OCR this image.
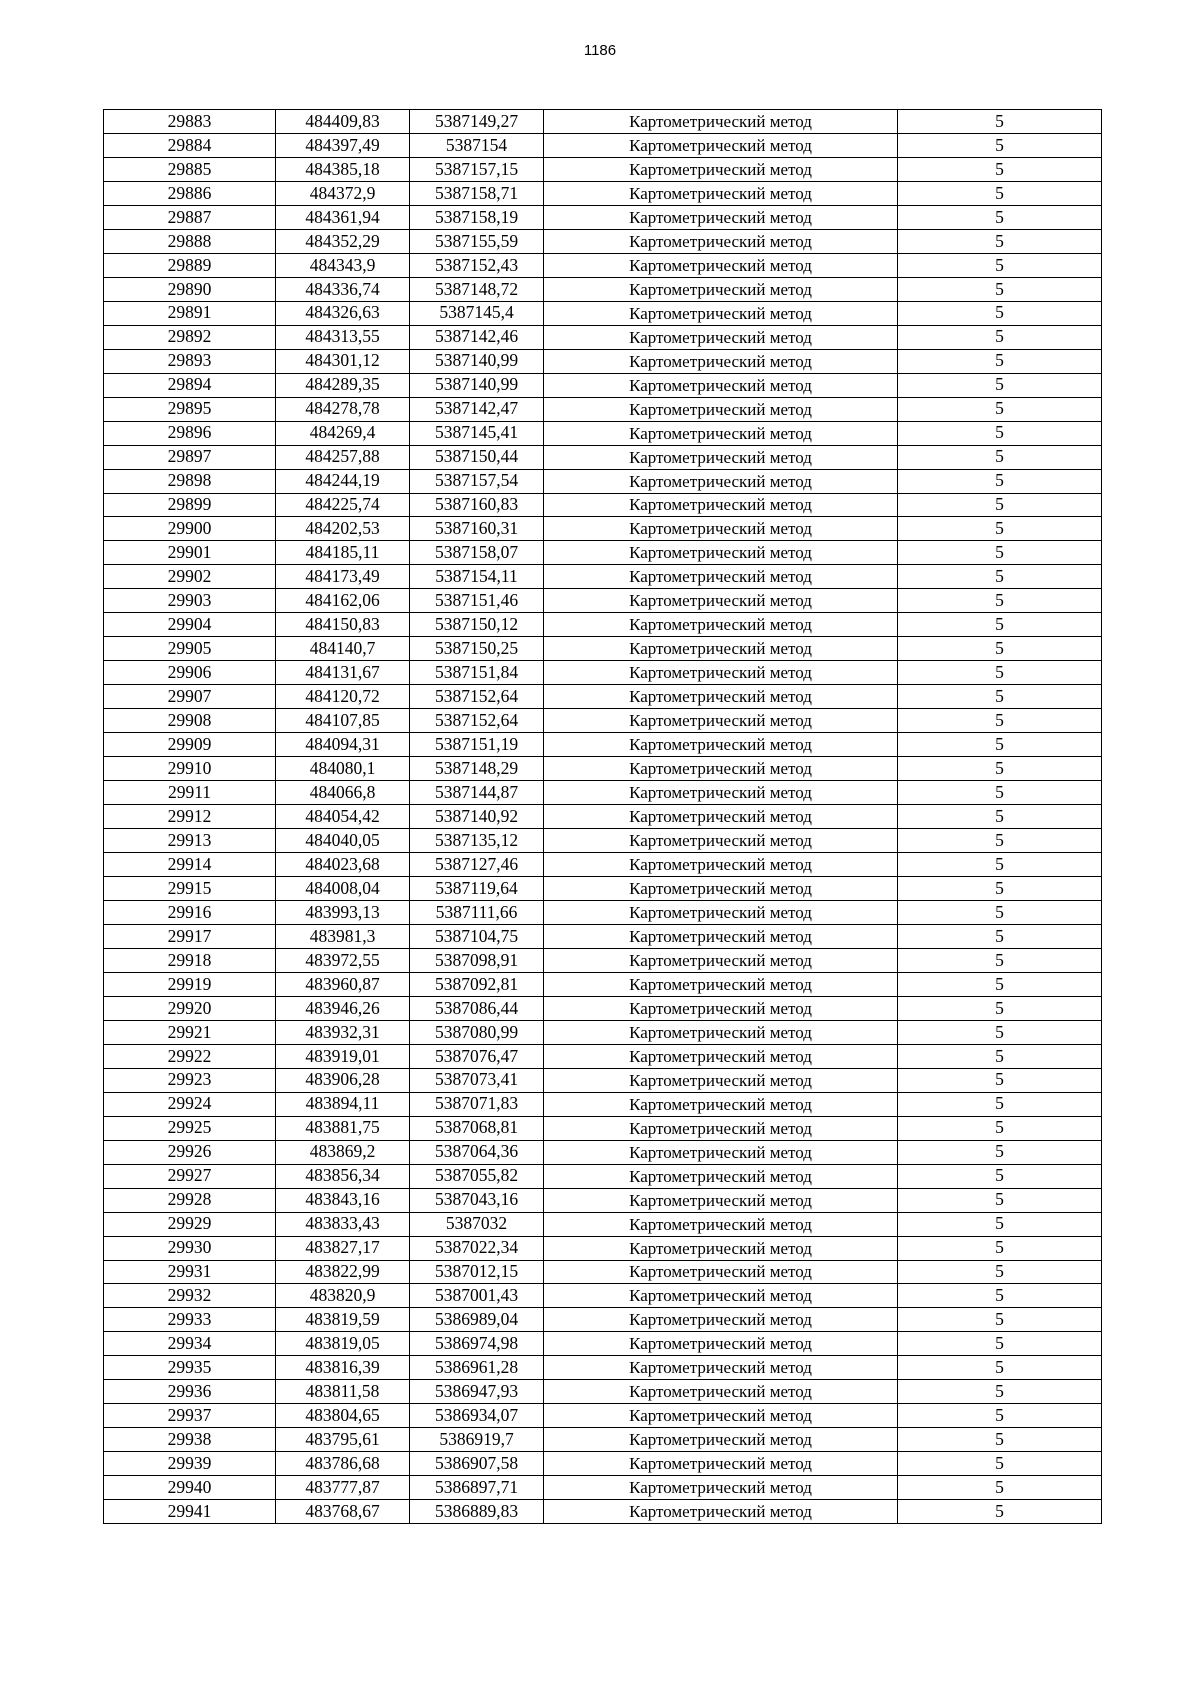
1186
29883	484409,83	5387149,27	Картометрический метод	5
29884	484397,49	5387154	Картометрический метод	5
29885	484385,18	5387157,15	Картометрический метод	5
29886	484372,9	5387158,71	Картометрический метод	5
29887	484361,94	5387158,19	Картометрический метод	5
29888	484352,29	5387155,59	Картометрический метод	5
29889	484343,9	5387152,43	Картометрический метод	5
29890	484336,74	5387148,72	Картометрический метод	5
29891	484326,63	5387145,4	Картометрический метод	5
29892	484313,55	5387142,46	Картометрический метод	5
29893	484301,12	5387140,99	Картометрический метод	5
29894	484289,35	5387140,99	Картометрический метод	5
29895	484278,78	5387142,47	Картометрический метод	5
29896	484269,4	5387145,41	Картометрический метод	5
29897	484257,88	5387150,44	Картометрический метод	5
29898	484244,19	5387157,54	Картометрический метод	5
29899	484225,74	5387160,83	Картометрический метод	5
29900	484202,53	5387160,31	Картометрический метод	5
29901	484185,11	5387158,07	Картометрический метод	5
29902	484173,49	5387154,11	Картометрический метод	5
29903	484162,06	5387151,46	Картометрический метод	5
29904	484150,83	5387150,12	Картометрический метод	5
29905	484140,7	5387150,25	Картометрический метод	5
29906	484131,67	5387151,84	Картометрический метод	5
29907	484120,72	5387152,64	Картометрический метод	5
29908	484107,85	5387152,64	Картометрический метод	5
29909	484094,31	5387151,19	Картометрический метод	5
29910	484080,1	5387148,29	Картометрический метод	5
29911	484066,8	5387144,87	Картометрический метод	5
29912	484054,42	5387140,92	Картометрический метод	5
29913	484040,05	5387135,12	Картометрический метод	5
29914	484023,68	5387127,46	Картометрический метод	5
29915	484008,04	5387119,64	Картометрический метод	5
29916	483993,13	5387111,66	Картометрический метод	5
29917	483981,3	5387104,75	Картометрический метод	5
29918	483972,55	5387098,91	Картометрический метод	5
29919	483960,87	5387092,81	Картометрический метод	5
29920	483946,26	5387086,44	Картометрический метод	5
29921	483932,31	5387080,99	Картометрический метод	5
29922	483919,01	5387076,47	Картометрический метод	5
29923	483906,28	5387073,41	Картометрический метод	5
29924	483894,11	5387071,83	Картометрический метод	5
29925	483881,75	5387068,81	Картометрический метод	5
29926	483869,2	5387064,36	Картометрический метод	5
29927	483856,34	5387055,82	Картометрический метод	5
29928	483843,16	5387043,16	Картометрический метод	5
29929	483833,43	5387032	Картометрический метод	5
29930	483827,17	5387022,34	Картометрический метод	5
29931	483822,99	5387012,15	Картометрический метод	5
29932	483820,9	5387001,43	Картометрический метод	5
29933	483819,59	5386989,04	Картометрический метод	5
29934	483819,05	5386974,98	Картометрический метод	5
29935	483816,39	5386961,28	Картометрический метод	5
29936	483811,58	5386947,93	Картометрический метод	5
29937	483804,65	5386934,07	Картометрический метод	5
29938	483795,61	5386919,7	Картометрический метод	5
29939	483786,68	5386907,58	Картометрический метод	5
29940	483777,87	5386897,71	Картометрический метод	5
29941	483768,67	5386889,83	Картометрический метод	5
